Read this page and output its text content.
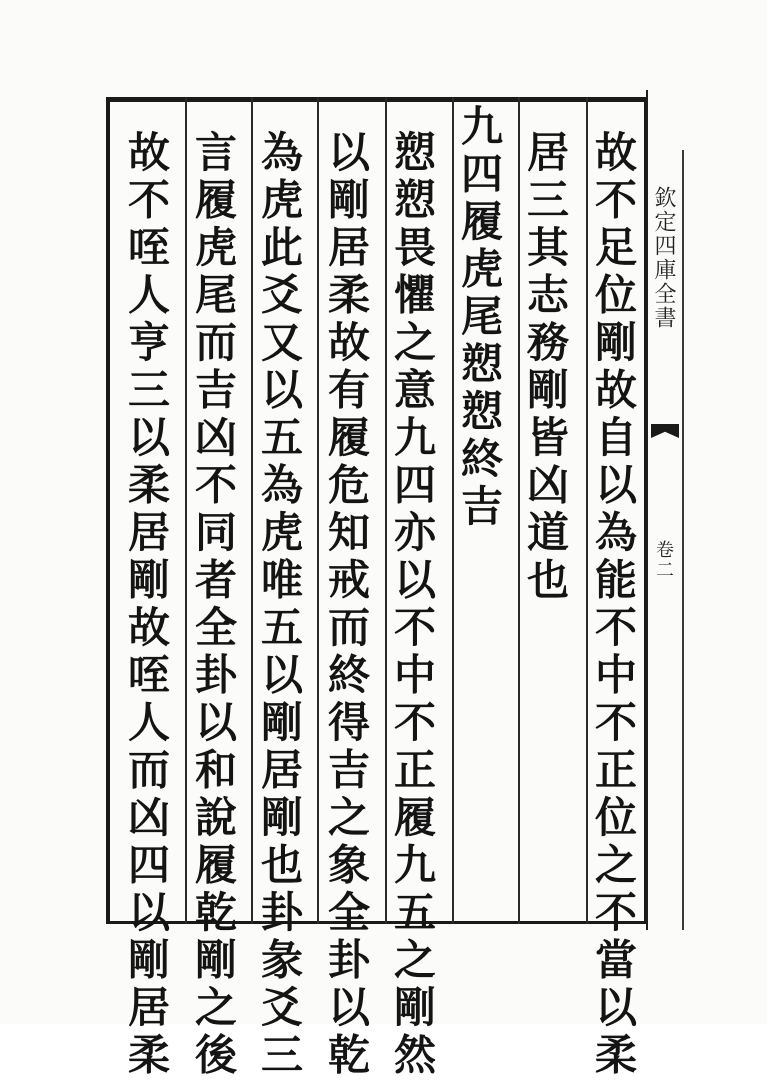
欽定四庫全書
卷二
故不足位剛故自以為能不中不正位之不當以柔
居三其志務剛皆凶道也
九四履虎尾愬愬終吉
愬愬畏懼之意九四亦以不中不正履九五之剛然
以剛居柔故有履危知戒而終得吉之象全卦以乾
為虎此爻又以五為虎唯五以剛居剛也卦彖爻三
言履虎尾而吉凶不同者全卦以和說履乾剛之後
故不咥人亨三以柔居剛故咥人而凶四以剛居柔
